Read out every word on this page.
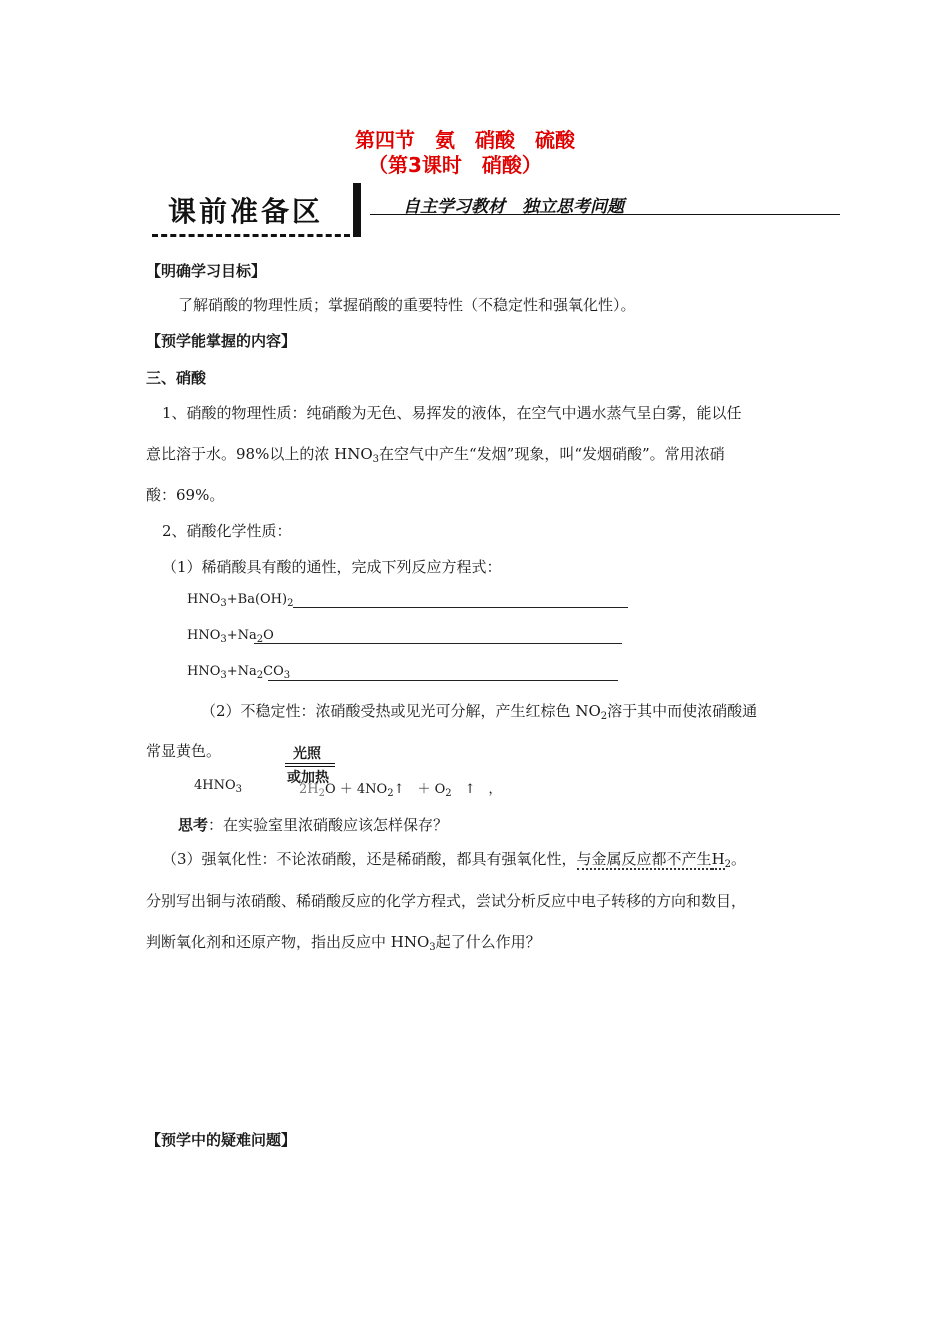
第四节　氨　硝酸　硫酸
（第3课时　硝酸）
课前准备区	自主学习教材　独立思考问题
【明确学习目标】
了解硝酸的物理性质；掌握硝酸的重要特性（不稳定性和强氧化性）。
【预学能掌握的内容】
三、硝酸
1、硝酸的物理性质：纯硝酸为无色、易挥发的液体，在空气中遇水蒸气呈白雾，能以任
意比溶于水。98%以上的浓 $HNO_3$在空气中产生“发烟”现象，叫“发烟硝酸”。常用浓硝
酸：69%。
2、硝酸化学性质：
（1）稀硝酸具有酸的通性，完成下列反应方程式：
$HNO_3+Ba(OH)_2$
$HNO_3+Na_2O$
$HNO_3+Na_2CO_3$
（2）不稳定性：浓硝酸受热或见光可分解，产生红棕色 $NO_2$溶于其中而使浓硝酸通
常显黄色。	光照
或加热
$4HNO_3$	$2H_2O$ ＋ $4NO_2↑$　＋ $O_2$　↑　，
思考：在实验室里浓硝酸应该怎样保存？
（3）强氧化性：不论浓硝酸，还是稀硝酸，都具有强氧化性，与金属反应都不产生$H_2$。
分别写出铜与浓硝酸、稀硝酸反应的化学方程式，尝试分析反应中电子转移的方向和数目，
判断氧化剂和还原产物，指出反应中 $HNO_3$起了什么作用？
【预学中的疑难问题】
